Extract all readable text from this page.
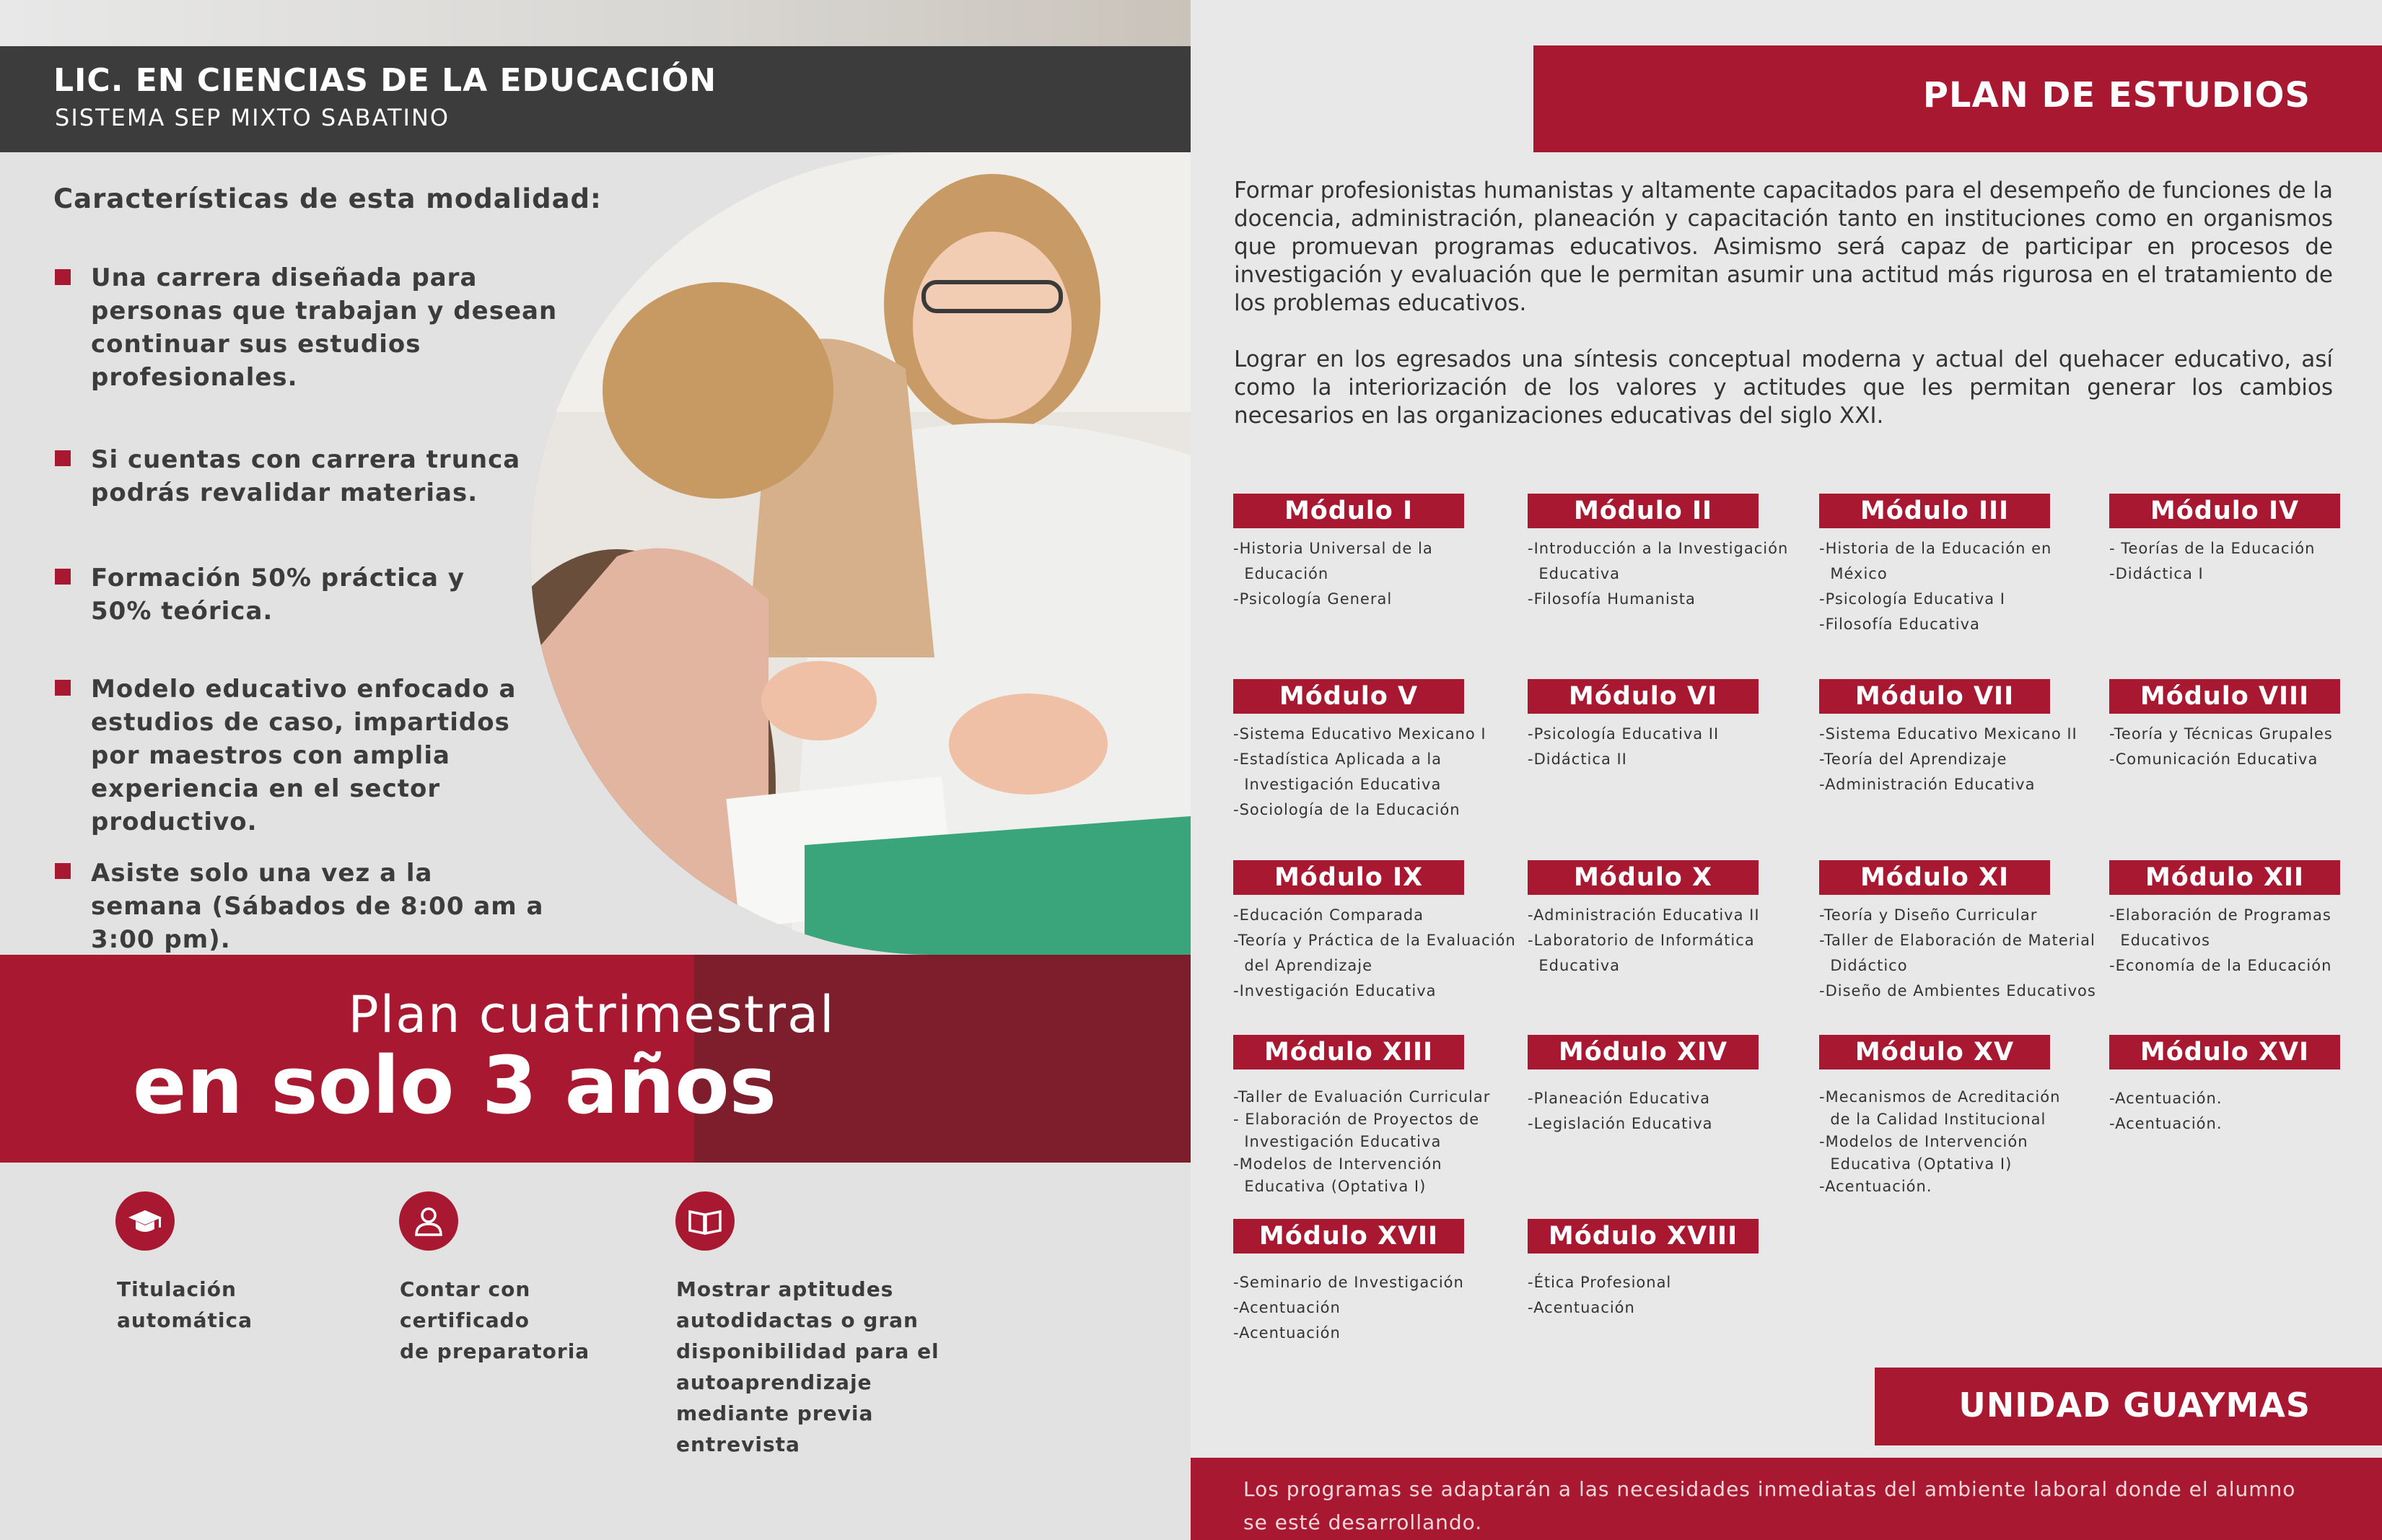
LIC. EN CIENCIAS DE LA EDUCACIÓN
SISTEMA SEP MIXTO SABATINO
Características de esta modalidad:
Una carrera diseñada para personas que trabajan y desean continuar sus estudios profesionales.
Si cuentas con carrera trunca podrás revalidar materias.
Formación 50% práctica y 50% teórica.
Modelo educativo enfocado a estudios de caso, impartidos por maestros con amplia experiencia en el sector productivo.
Asiste solo una vez a la semana (Sábados de 8:00 am a 3:00 pm).
Plan cuatrimestral
en solo 3 años
Titulación
automática
Contar con
certificado
de preparatoria
Mostrar aptitudes
autodidactas o gran
disponibilidad para el
autoaprendizaje
mediante previa
entrevista
PLAN DE ESTUDIOS
Formar profesionistas humanistas y altamente capacitados para el desempeño de funciones de la docencia, administración, planeación y capacitación tanto en instituciones como en organismos que promuevan programas educativos. Asimismo será capaz de participar en procesos de investigación y evaluación que le permitan asumir una actitud más rigurosa en el tratamiento de los problemas educativos.
Lograr en los egresados una síntesis conceptual moderna y actual del quehacer educativo, así como la interiorización de los valores y actitudes que les permitan generar los cambios necesarios en las organizaciones educativas del siglo XXI.
Módulo I
-Historia Universal de la
Educación
-Psicología General
Módulo II
-Introducción a la Investigación
Educativa
-Filosofía Humanista
Módulo III
-Historia de la Educación en
México
-Psicología Educativa I
-Filosofía Educativa
Módulo IV
- Teorías de la Educación
-Didáctica I
Módulo V
-Sistema Educativo Mexicano I
-Estadística Aplicada a la
Investigación Educativa
-Sociología de la Educación
Módulo VI
-Psicología Educativa II
-Didáctica II
Módulo VII
-Sistema Educativo Mexicano II
-Teoría del Aprendizaje
-Administración Educativa
Módulo VIII
-Teoría y Técnicas Grupales
-Comunicación Educativa
Módulo IX
-Educación Comparada
-Teoría y Práctica de la Evaluación
del Aprendizaje
-Investigación Educativa
Módulo X
-Administración Educativa II
-Laboratorio de Informática
Educativa
Módulo XI
-Teoría y Diseño Curricular
-Taller de Elaboración de Material
Didáctico
-Diseño de Ambientes Educativos
Módulo XII
-Elaboración de Programas
Educativos
-Economía de la Educación
Módulo XIII
-Taller de Evaluación Curricular
- Elaboración de Proyectos de
Investigación Educativa
-Modelos de Intervención
Educativa (Optativa I)
Módulo XIV
-Planeación Educativa
-Legislación Educativa
Módulo XV
-Mecanismos de Acreditación
de la Calidad Institucional
-Modelos de Intervención
Educativa (Optativa I)
-Acentuación.
Módulo XVI
-Acentuación.
-Acentuación.
Módulo XVII
-Seminario de Investigación
-Acentuación
-Acentuación
Módulo XVIII
-Ética Profesional
-Acentuación
UNIDAD GUAYMAS
Los programas se adaptarán a las necesidades inmediatas del ambiente laboral donde el alumno se esté desarrollando.
